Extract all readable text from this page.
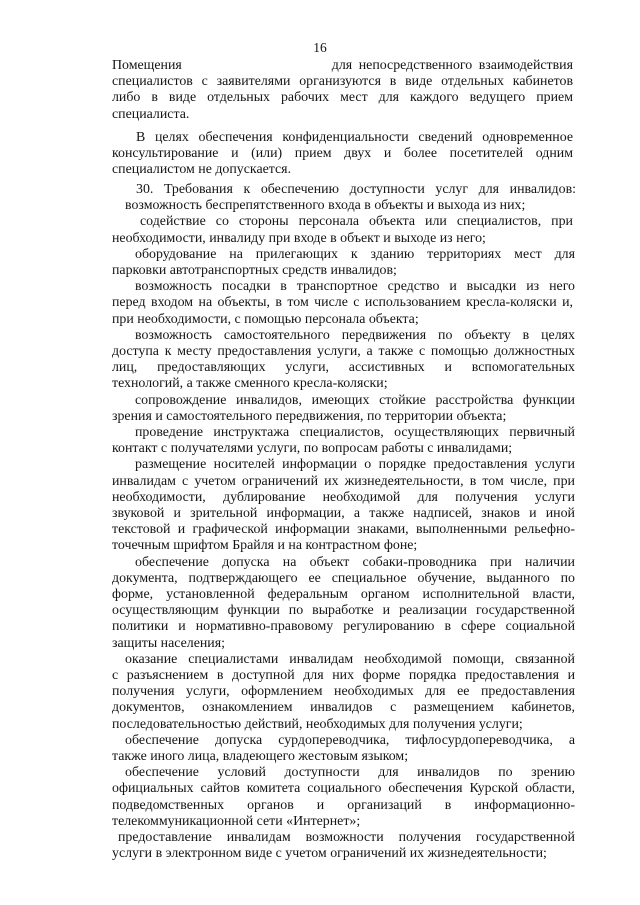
16
Помещения	для непосредственного взаимодействия
специалистов с заявителями организуются в виде отдельных кабинетов
либо в виде отдельных рабочих мест для каждого ведущего прием
специалиста.
В целях обеспечения конфиденциальности сведений одновременное
консультирование и (или) прием двух и более посетителей одним
специалистом не допускается.
30. Требования к обеспечению доступности услуг для инвалидов:
возможность беспрепятственного входа в объекты и выхода из них;
содействие со стороны персонала объекта или специалистов, при
необходимости, инвалиду при входе в объект и выходе из него;
оборудование на прилегающих к зданию территориях мест для
парковки автотранспортных средств инвалидов;
возможность посадки в транспортное средство и высадки из него
перед входом на объекты, в том числе с использованием кресла-коляски и,
при необходимости, с помощью персонала объекта;
возможность самостоятельного передвижения по объекту в целях
доступа к месту предоставления услуги, а также с помощью должностных
лиц, предоставляющих услуги, ассистивных и вспомогательных
технологий, а также сменного кресла-коляски;
сопровождение инвалидов, имеющих стойкие расстройства функции
зрения и самостоятельного передвижения, по территории объекта;
проведение инструктажа специалистов, осуществляющих первичный
контакт с получателями услуги, по вопросам работы с инвалидами;
размещение носителей информации о порядке предоставления услуги
инвалидам с учетом ограничений их жизнедеятельности, в том числе, при
необходимости, дублирование необходимой для получения услуги
звуковой и зрительной информации, а также надписей, знаков и иной
текстовой и графической информации знаками, выполненными рельефно-
точечным шрифтом Брайля и на контрастном фоне;
обеспечение допуска на объект собаки-проводника при наличии
документа, подтверждающего ее специальное обучение, выданного по
форме, установленной федеральным органом исполнительной власти,
осуществляющим функции по выработке и реализации государственной
политики и нормативно-правовому регулированию в сфере социальной
защиты населения;
оказание специалистами инвалидам необходимой помощи, связанной
с разъяснением в доступной для них форме порядка предоставления и
получения услуги, оформлением необходимых для ее предоставления
документов, ознакомлением инвалидов с размещением кабинетов,
последовательностью действий, необходимых для получения услуги;
обеспечение допуска сурдопереводчика, тифлосурдопереводчика, а
также иного лица, владеющего жестовым языком;
обеспечение условий доступности для инвалидов по зрению
официальных сайтов комитета социального обеспечения Курской области,
подведомственных органов и организаций в информационно-
телекоммуникационной сети «Интернет»;
предоставление инвалидам возможности получения государственной
услуги в электронном виде с учетом ограничений их жизнедеятельности;
